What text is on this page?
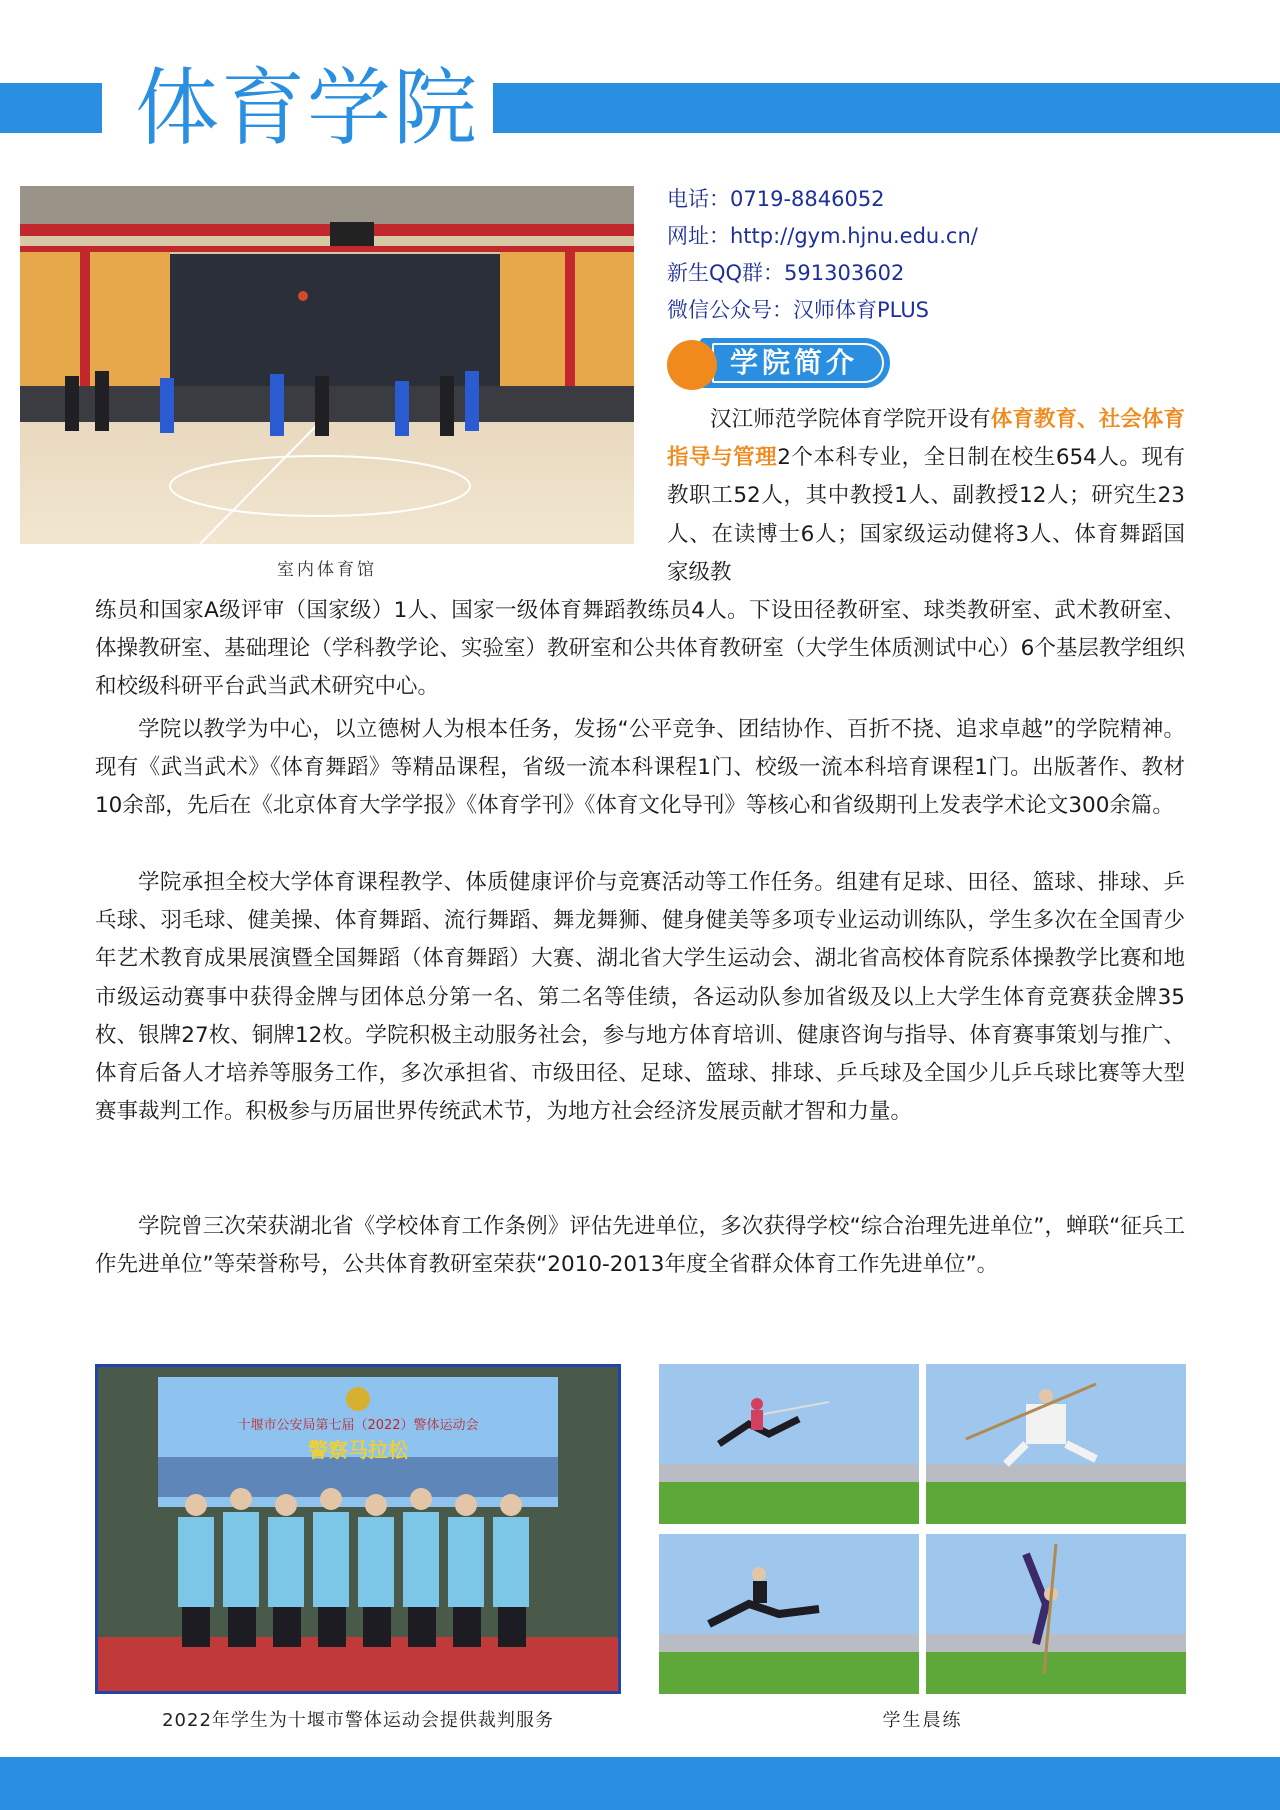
体育学院
室内体育馆
电话：0719-8846052
网址：http://gym.hjnu.edu.cn/
新生QQ群：591303602
微信公众号：汉师体育PLUS
学院简介

汉江师范学院体育学院开设有体育教育、社会体育指导与管理2个本科专业，全日制在校生654人。现有教职工52人，其中教授1人、副教授12人；研究生23人、在读博士6人；国家级运动健将3人、体育舞蹈国家级教

练员和国家A级评审（国家级）1人、国家一级体育舞蹈教练员4人。下设田径教研室、球类教研室、武术教研室、体操教研室、基础理论（学科教学论、实验室）教研室和公共体育教研室（大学生体质测试中心）6个基层教学组织和校级科研平台武当武术研究中心。

学院以教学为中心，以立德树人为根本任务，发扬“公平竞争、团结协作、百折不挠、追求卓越”的学院精神。现有《武当武术》《体育舞蹈》等精品课程，省级一流本科课程1门、校级一流本科培育课程1门。出版著作、教材10余部，先后在《北京体育大学学报》《体育学刊》《体育文化导刊》等核心和省级期刊上发表学术论文300余篇。

学院承担全校大学体育课程教学、体质健康评价与竞赛活动等工作任务。组建有足球、田径、篮球、排球、乒乓球、羽毛球、健美操、体育舞蹈、流行舞蹈、舞龙舞狮、健身健美等多项专业运动训练队，学生多次在全国青少年艺术教育成果展演暨全国舞蹈（体育舞蹈）大赛、湖北省大学生运动会、湖北省高校体育院系体操教学比赛和地市级运动赛事中获得金牌与团体总分第一名、第二名等佳绩，各运动队参加省级及以上大学生体育竞赛获金牌35枚、银牌27枚、铜牌12枚。学院积极主动服务社会，参与地方体育培训、健康咨询与指导、体育赛事策划与推广、体育后备人才培养等服务工作，多次承担省、市级田径、足球、篮球、排球、乒乓球及全国少儿乒乓球比赛等大型赛事裁判工作。积极参与历届世界传统武术节，为地方社会经济发展贡献才智和力量。

学院曾三次荣获湖北省《学校体育工作条例》评估先进单位，多次获得学校“综合治理先进单位”，蝉联“征兵工作先进单位”等荣誉称号，公共体育教研室荣获“2010-2013年度全省群众体育工作先进单位”。

十堰市公安局第七届（2022）警体运动会
警察马拉松
2022年学生为十堰市警体运动会提供裁判服务	学生晨练
